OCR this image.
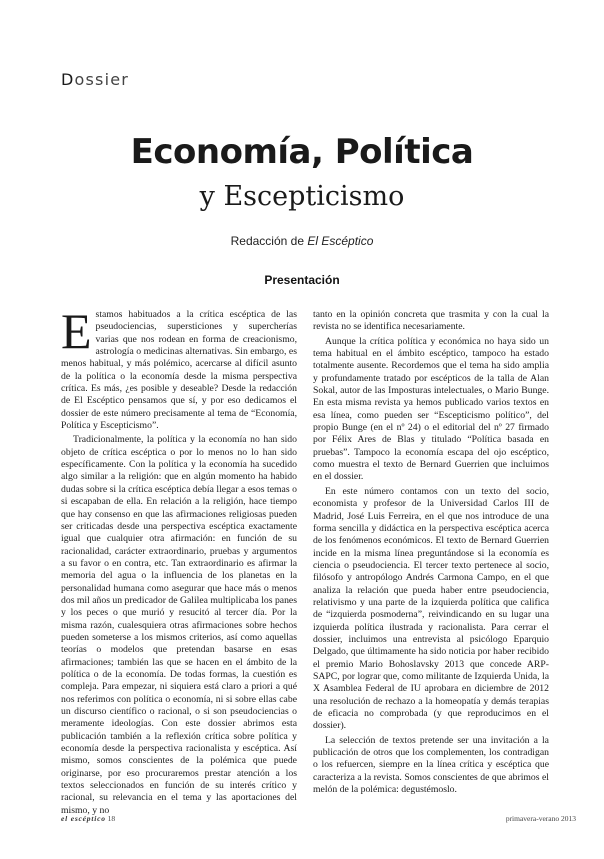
Dossier
Economía, Política
y Escepticismo
Redacción de El Escéptico
Presentación

Estamos habituados a la crítica escéptica de las pseudociencias, supersticiones y supercherías varias que nos rodean en forma de creacionismo, astrología o medicinas alternativas. Sin embargo, es menos habitual, y más polémico, acercarse al difícil asunto de la política o la economía desde la misma perspectiva crítica. Es más, ¿es posible y deseable? Desde la redacción de El Escéptico pensamos que sí, y por eso dedicamos el dossier de este número precisamente al tema de “Economía, Política y Escepticismo”.

Tradicionalmente, la política y la economía no han sido objeto de crítica escéptica o por lo menos no lo han sido específicamente. Con la política y la economía ha sucedido algo similar a la religión: que en algún momento ha habido dudas sobre si la crítica escéptica debía llegar a esos temas o si escapaban de ella. En relación a la religión, hace tiempo que hay consenso en que las afirmaciones religiosas pueden ser criticadas desde una perspectiva escéptica exactamente igual que cualquier otra afirmación: en función de su racionalidad, carácter extraordinario, pruebas y argumentos a su favor o en contra, etc. Tan extraordinario es afirmar la memoria del agua o la influencia de los planetas en la personalidad humana como asegurar que hace más o menos dos mil años un predicador de Galilea multiplicaba los panes y los peces o que murió y resucitó al tercer día. Por la misma razón, cualesquiera otras afirmaciones sobre hechos pueden someterse a los mismos criterios, así como aquellas teorías o modelos que pretendan basarse en esas afirmaciones; también las que se hacen en el ámbito de la política o de la economía. De todas formas, la cuestión es compleja. Para empezar, ni siquiera está claro a priori a qué nos referimos con política o economía, ni si sobre ellas cabe un discurso científico o racional, o si son pseudociencias o meramente ideologías. Con este dossier abrimos esta publicación también a la reflexión crítica sobre política y economía desde la perspectiva racionalista y escéptica. Así mismo, somos conscientes de la polémica que puede originarse, por eso procuraremos prestar atención a los textos seleccionados en función de su interés crítico y racional, su relevancia en el tema y las aportaciones del mismo, y no

tanto en la opinión concreta que trasmita y con la cual la revista no se identifica necesariamente.

Aunque la crítica política y económica no haya sido un tema habitual en el ámbito escéptico, tampoco ha estado totalmente ausente. Recordemos que el tema ha sido amplia y profundamente tratado por escépticos de la talla de Alan Sokal, autor de las Imposturas intelectuales, o Mario Bunge. En esta misma revista ya hemos publicado varios textos en esa línea, como pueden ser “Escepticismo político”, del propio Bunge (en el nº 24) o el editorial del nº 27 firmado por Félix Ares de Blas y titulado “Política basada en pruebas”. Tampoco la economía escapa del ojo escéptico, como muestra el texto de Bernard Guerrien que incluimos en el dossier.

En este número contamos con un texto del socio, economista y profesor de la Universidad Carlos III de Madrid, José Luis Ferreira, en el que nos introduce de una forma sencilla y didáctica en la perspectiva escéptica acerca de los fenómenos económicos. El texto de Bernard Guerrien incide en la misma línea preguntándose si la economía es ciencia o pseudociencia. El tercer texto pertenece al socio, filósofo y antropólogo Andrés Carmona Campo, en el que analiza la relación que pueda haber entre pseudociencia, relativismo y una parte de la izquierda política que califica de “izquierda posmoderna”, reivindicando en su lugar una izquierda política ilustrada y racionalista. Para cerrar el dossier, incluimos una entrevista al psicólogo Eparquio Delgado, que últimamente ha sido noticia por haber recibido el premio Mario Bohoslavsky 2013 que concede ARP-SAPC, por lograr que, como militante de Izquierda Unida, la X Asamblea Federal de IU aprobara en diciembre de 2012 una resolución de rechazo a la homeopatía y demás terapias de eficacia no comprobada (y que reproducimos en el dossier).

La selección de textos pretende ser una invitación a la publicación de otros que los complementen, los contradigan o los refuercen, siempre en la línea crítica y escéptica que caracteriza a la revista. Somos conscientes de que abrimos el melón de la polémica: degustémoslo.

el escéptico 18	primavera-verano 2013
